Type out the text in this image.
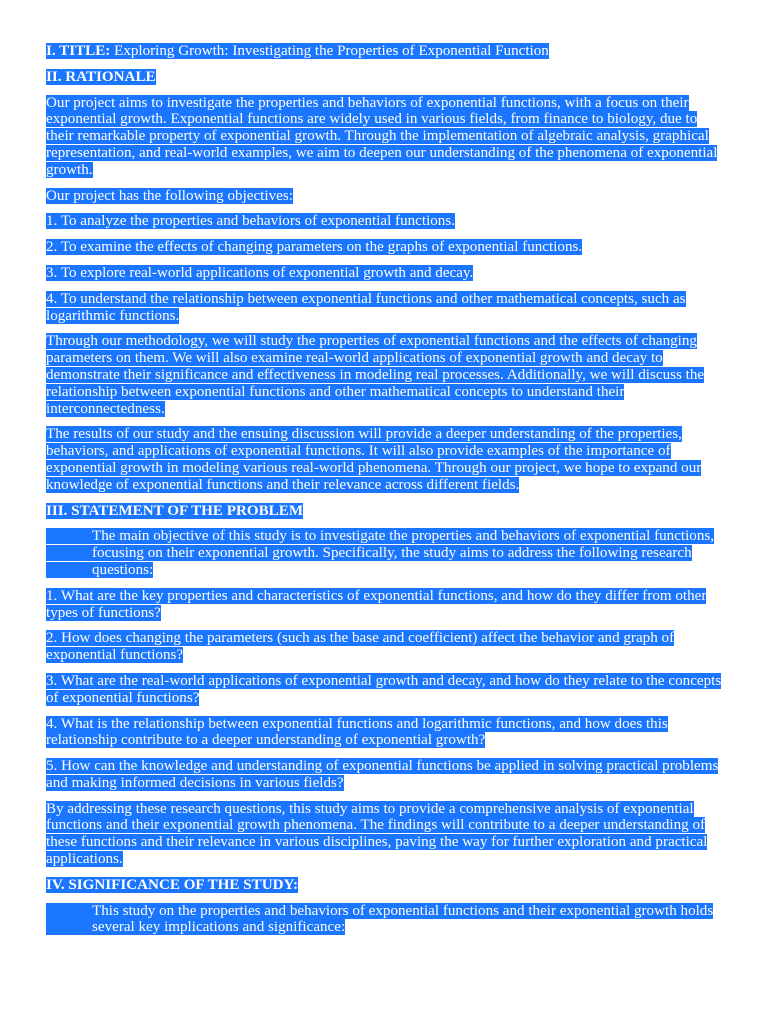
I. TITLE: Exploring Growth: Investigating the Properties of Exponential Function

II. RATIONALE

Our project aims to investigate the properties and behaviors of exponential functions, with a focus on their exponential growth. Exponential functions are widely used in various fields, from finance to biology, due to their remarkable property of exponential growth. Through the implementation of algebraic analysis, graphical representation, and real-world examples, we aim to deepen our understanding of the phenomena of exponential growth.

Our project has the following objectives:

1. To analyze the properties and behaviors of exponential functions.

2. To examine the effects of changing parameters on the graphs of exponential functions.

3. To explore real-world applications of exponential growth and decay.

4. To understand the relationship between exponential functions and other mathematical concepts, such as logarithmic functions.

Through our methodology, we will study the properties of exponential functions and the effects of changing parameters on them. We will also examine real-world applications of exponential growth and decay to demonstrate their significance and effectiveness in modeling real processes. Additionally, we will discuss the relationship between exponential functions and other mathematical concepts to understand their interconnectedness.

The results of our study and the ensuing discussion will provide a deeper understanding of the properties, behaviors, and applications of exponential functions. It will also provide examples of the importance of exponential growth in modeling various real-world phenomena. Through our project, we hope to expand our knowledge of exponential functions and their relevance across different fields.

III. STATEMENT OF THE PROBLEM

The main objective of this study is to investigate the properties and behaviors of exponential functions, focusing on their exponential growth. Specifically, the study aims to address the following research questions:

1. What are the key properties and characteristics of exponential functions, and how do they differ from other types of functions?

2. How does changing the parameters (such as the base and coefficient) affect the behavior and graph of exponential functions?

3. What are the real-world applications of exponential growth and decay, and how do they relate to the concepts of exponential functions?

4. What is the relationship between exponential functions and logarithmic functions, and how does this relationship contribute to a deeper understanding of exponential growth?

5. How can the knowledge and understanding of exponential functions be applied in solving practical problems and making informed decisions in various fields?

By addressing these research questions, this study aims to provide a comprehensive analysis of exponential functions and their exponential growth phenomena. The findings will contribute to a deeper understanding of these functions and their relevance in various disciplines, paving the way for further exploration and practical applications.

IV. SIGNIFICANCE OF THE STUDY:

This study on the properties and behaviors of exponential functions and their exponential growth holds several key implications and significance:
